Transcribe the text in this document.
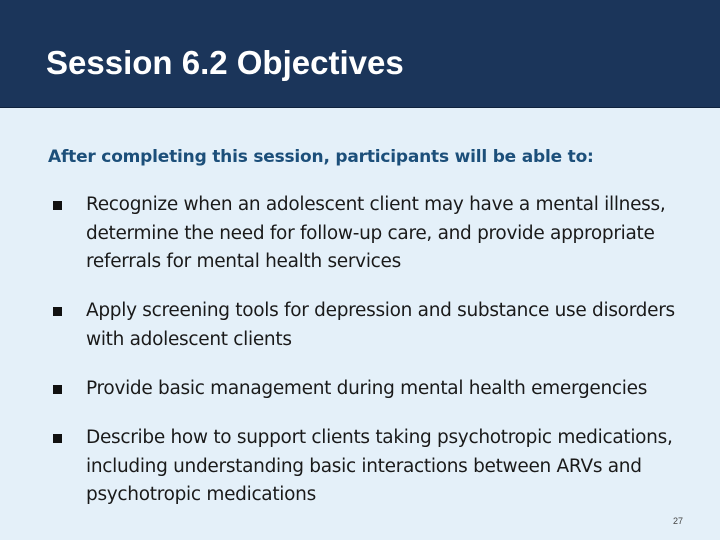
Session 6.2 Objectives

After completing this session, participants will be able to:

Recognize when an adolescent client may have a mental illness, determine the need for follow-up care, and provide appropriate referrals for mental health services
Apply screening tools for depression and substance use disorders with adolescent clients
Provide basic management during mental health emergencies
Describe how to support clients taking psychotropic medications, including understanding basic interactions between ARVs and psychotropic medications
27
